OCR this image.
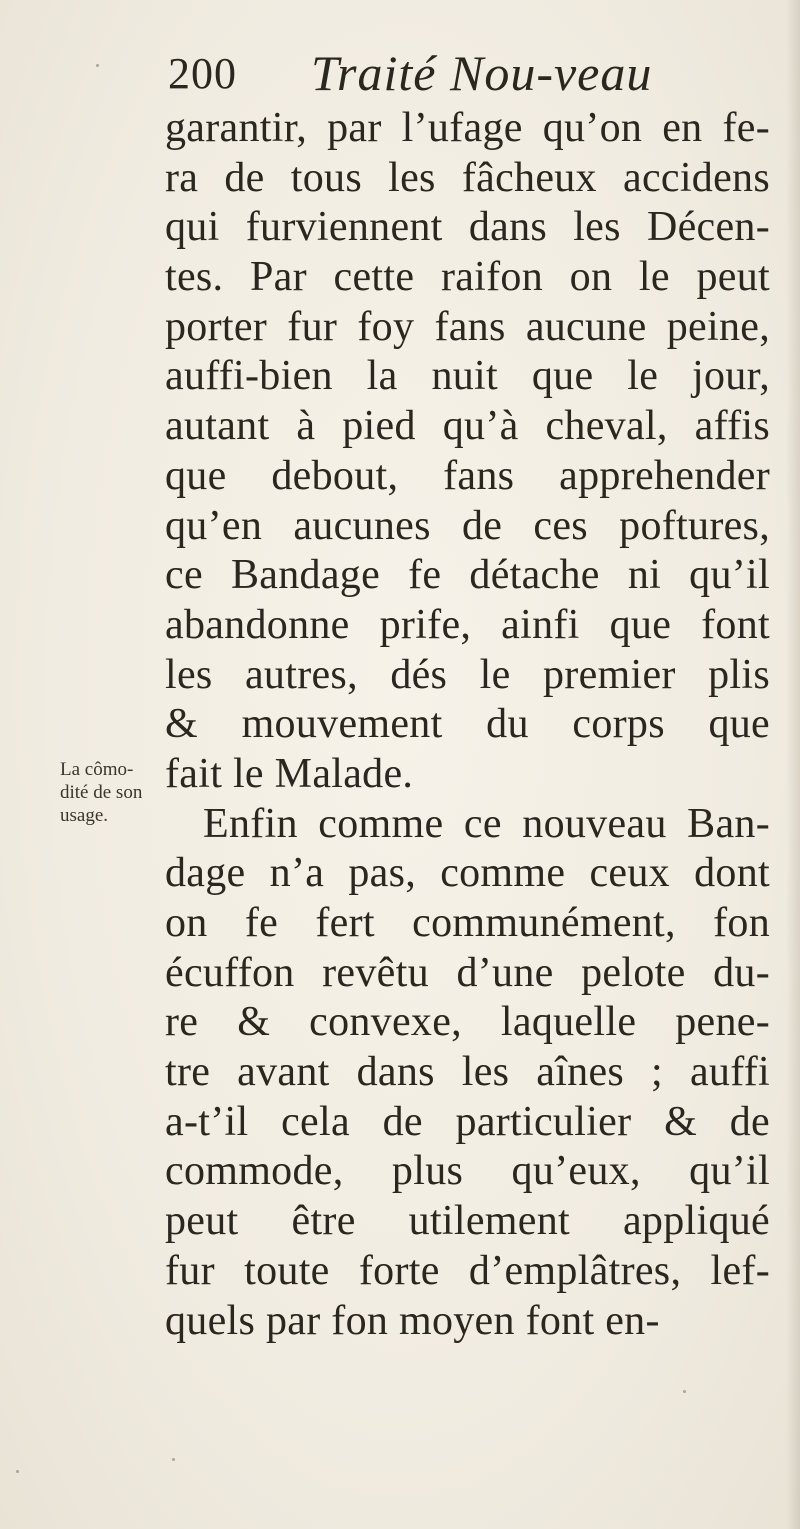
200 Traité Nou-veau
La cômo-
dité de son
usage.
garantir, par l’ufage qu’on en fe-
ra de tous les fâcheux accidens
qui furviennent dans les Décen-
tes. Par cette raifon on le peut
porter fur foy fans aucune peine,
auffi-bien la nuit que le jour,
autant à pied qu’à cheval, affis
que debout, fans apprehender
qu’en aucunes de ces poftures,
ce Bandage fe détache ni qu’il
abandonne prife, ainfi que font
les autres, dés le premier plis
& mouvement du corps que
fait le Malade.
Enfin comme ce nouveau Ban-
dage n’a pas, comme ceux dont
on fe fert communément, fon
écuffon revêtu d’une pelote du-
re & convexe, laquelle pene-
tre avant dans les aînes ; auffi
a-t’il cela de particulier & de
commode, plus qu’eux, qu’il
peut être utilement appliqué
fur toute forte d’emplâtres, lef-
quels par fon moyen font en-
